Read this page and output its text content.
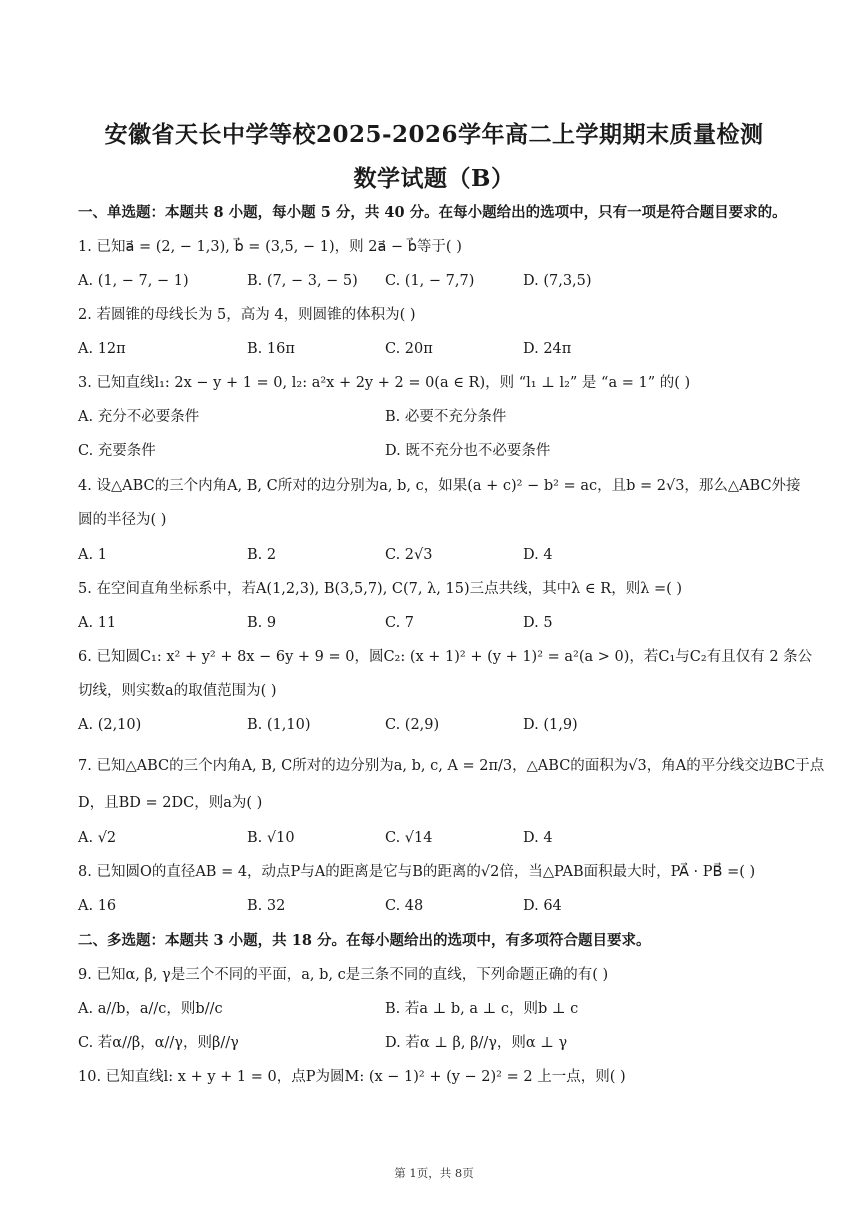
安徽省天长中学等校2025-2026学年高二上学期期末质量检测
数学试题（B）
一、单选题：本题共 8 小题，每小题 5 分，共 40 分。在每小题给出的选项中，只有一项是符合题目要求的。
1. 已知a⃗ = (2, − 1,3), b⃗ = (3,5, − 1)，则 2a⃗ − b⃗等于( )
A. (1, − 7, − 1)	B. (7, − 3, − 5) C. (1, − 7,7)	D. (7,3,5)
2. 若圆锥的母线长为 5，高为 4，则圆锥的体积为( )
A. 12π	B. 16π	C. 20π	D. 24π
3. 已知直线l₁: 2x − y + 1 = 0, l₂: a²x + 2y + 2 = 0(a ∈ R)，则 “l₁ ⊥ l₂” 是 “a = 1” 的( )
A. 充分不必要条件	B. 必要不充分条件
C. 充要条件	D. 既不充分也不必要条件
4. 设△ABC的三个内角A, B, C所对的边分别为a, b, c，如果(a + c)² − b² = ac，且b = 2√3，那么△ABC外接
圆的半径为( )
A. 1	B. 2	C. 2√3	D. 4
5. 在空间直角坐标系中，若A(1,2,3), B(3,5,7), C(7, λ, 15)三点共线，其中λ ∈ R，则λ =( )
A. 11	B. 9	C. 7	D. 5
6. 已知圆C₁: x² + y² + 8x − 6y + 9 = 0，圆C₂: (x + 1)² + (y + 1)² = a²(a > 0)，若C₁与C₂有且仅有 2 条公
切线，则实数a的取值范围为( )
A. (2,10)	B. (1,10)	C. (2,9)	D. (1,9)
7. 已知△ABC的三个内角A, B, C所对的边分别为a, b, c, A = 2π/3，△ABC的面积为√3，角A的平分线交边BC于点
D，且BD = 2DC，则a为( )
A. √2	B. √10	C. √14	D. 4
8. 已知圆O的直径AB = 4，动点P与A的距离是它与B的距离的√2倍，当△PAB面积最大时，PA⃗ · PB⃗ =( )
A. 16	B. 32	C. 48	D. 64
二、多选题：本题共 3 小题，共 18 分。在每小题给出的选项中，有多项符合题目要求。
9. 已知α, β, γ是三个不同的平面，a, b, c是三条不同的直线，下列命题正确的有( )
A. a//b，a//c，则b//c	B. 若a ⊥ b, a ⊥ c，则b ⊥ c
C. 若α//β，α//γ，则β//γ	D. 若α ⊥ β, β//γ，则α ⊥ γ
10. 已知直线l: x + y + 1 = 0，点P为圆M: (x − 1)² + (y − 2)² = 2 上一点，则( )
第 1页，共 8页
